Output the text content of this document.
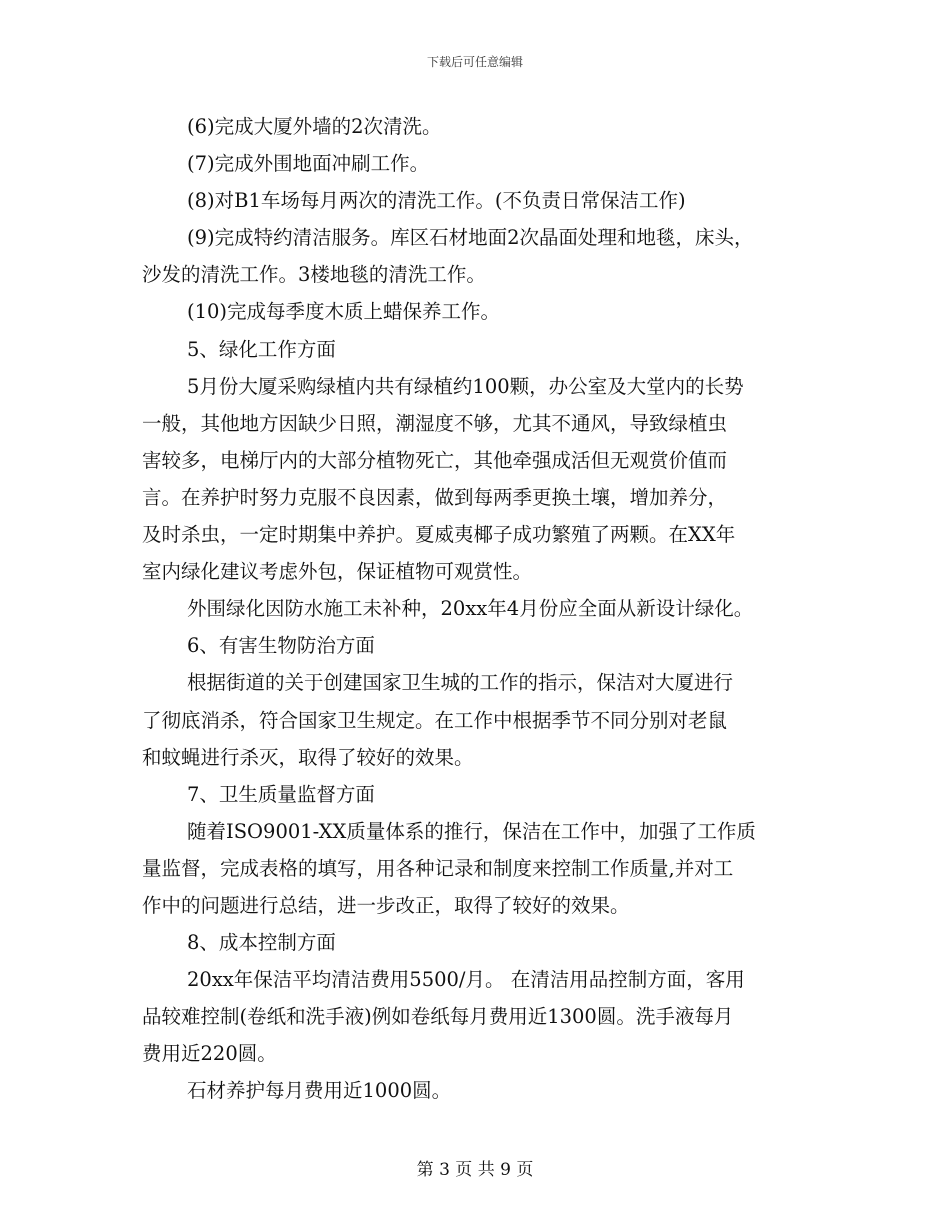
下载后可任意编辑
(6)完成大厦外墙的2次清洗。
(7)完成外围地面冲刷工作。
(8)对B1车场每月两次的清洗工作。(不负责日常保洁工作)
(9)完成特约清洁服务。库区石材地面2次晶面处理和地毯，床头，
沙发的清洗工作。3楼地毯的清洗工作。
(10)完成每季度木质上蜡保养工作。
5、绿化工作方面
5月份大厦采购绿植内共有绿植约100颗，办公室及大堂内的长势
一般，其他地方因缺少日照，潮湿度不够，尤其不通风，导致绿植虫
害较多，电梯厅内的大部分植物死亡，其他牵强成活但无观赏价值而
言。在养护时努力克服不良因素，做到每两季更换土壤，增加养分，
及时杀虫，一定时期集中养护。夏威夷椰子成功繁殖了两颗。在XX年
室内绿化建议考虑外包，保证植物可观赏性。
外围绿化因防水施工未补种，20xx年4月份应全面从新设计绿化。
6、有害生物防治方面
根据街道的关于创建国家卫生城的工作的指示，保洁对大厦进行
了彻底消杀，符合国家卫生规定。在工作中根据季节不同分别对老鼠
和蚊蝇进行杀灭，取得了较好的效果。
7、卫生质量监督方面
随着ISO9001-XX质量体系的推行，保洁在工作中，加强了工作质
量监督，完成表格的填写，用各种记录和制度来控制工作质量,并对工
作中的问题进行总结，进一步改正，取得了较好的效果。
8、成本控制方面
20xx年保洁平均清洁费用5500/月。 在清洁用品控制方面，客用
品较难控制(卷纸和洗手液)例如卷纸每月费用近1300圆。洗手液每月
费用近220圆。
石材养护每月费用近1000圆。
第 3 页 共 9 页
